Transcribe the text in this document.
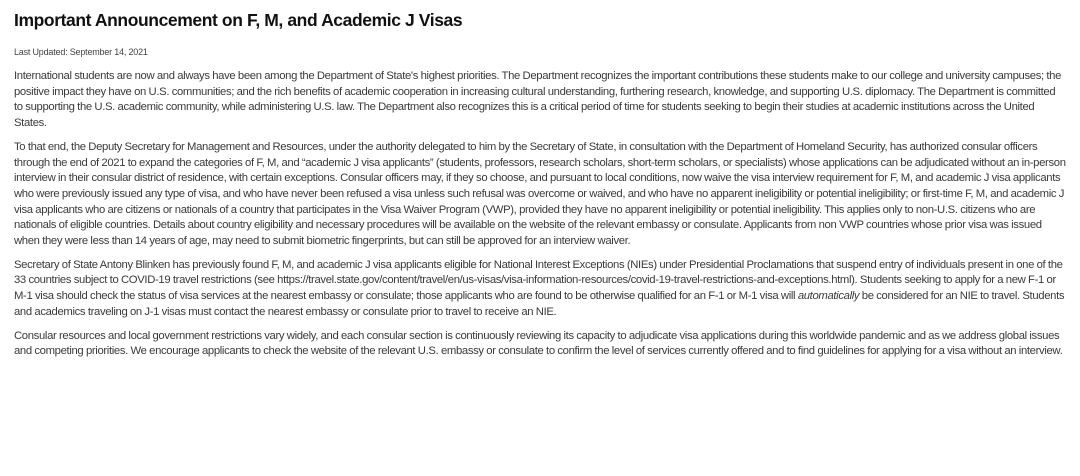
Important Announcement on F, M, and Academic J Visas
Last Updated: September 14, 2021

International students are now and always have been among the Department of State's highest priorities. The Department recognizes the important contributions these students make to our college and university campuses; the positive impact they have on U.S. communities; and the rich benefits of academic cooperation in increasing cultural understanding, furthering research, knowledge, and supporting U.S. diplomacy. The Department is committed to supporting the U.S. academic community, while administering U.S. law. The Department also recognizes this is a critical period of time for students seeking to begin their studies at academic institutions across the United States.

To that end, the Deputy Secretary for Management and Resources, under the authority delegated to him by the Secretary of State, in consultation with the Department of Homeland Security, has authorized consular officers through the end of 2021 to expand the categories of F, M, and “academic J visa applicants” (students, professors, research scholars, short-term scholars, or specialists) whose applications can be adjudicated without an in-person interview in their consular district of residence, with certain exceptions. Consular officers may, if they so choose, and pursuant to local conditions, now waive the visa interview requirement for F, M, and academic J visa applicants who were previously issued any type of visa, and who have never been refused a visa unless such refusal was overcome or waived, and who have no apparent ineligibility or potential ineligibility; or first-time F, M, and academic J visa applicants who are citizens or nationals of a country that participates in the Visa Waiver Program (VWP), provided they have no apparent ineligibility or potential ineligibility. This applies only to non-U.S. citizens who are nationals of eligible countries. Details about country eligibility and necessary procedures will be available on the website of the relevant embassy or consulate. Applicants from non VWP countries whose prior visa was issued when they were less than 14 years of age, may need to submit biometric fingerprints, but can still be approved for an interview waiver.

Secretary of State Antony Blinken has previously found F, M, and academic J visa applicants eligible for National Interest Exceptions (NIEs) under Presidential Proclamations that suspend entry of individuals present in one of the 33 countries subject to COVID-19 travel restrictions (see https://travel.state.gov/content/travel/en/us-visas/visa-information-resources/covid-19-travel-restrictions-and-exceptions.html). Students seeking to apply for a new F-1 or M-1 visa should check the status of visa services at the nearest embassy or consulate; those applicants who are found to be otherwise qualified for an F-1 or M-1 visa will automatically be considered for an NIE to travel. Students and academics traveling on J-1 visas must contact the nearest embassy or consulate prior to travel to receive an NIE.

Consular resources and local government restrictions vary widely, and each consular section is continuously reviewing its capacity to adjudicate visa applications during this worldwide pandemic and as we address global issues and competing priorities. We encourage applicants to check the website of the relevant U.S. embassy or consulate to confirm the level of services currently offered and to find guidelines for applying for a visa without an interview.
